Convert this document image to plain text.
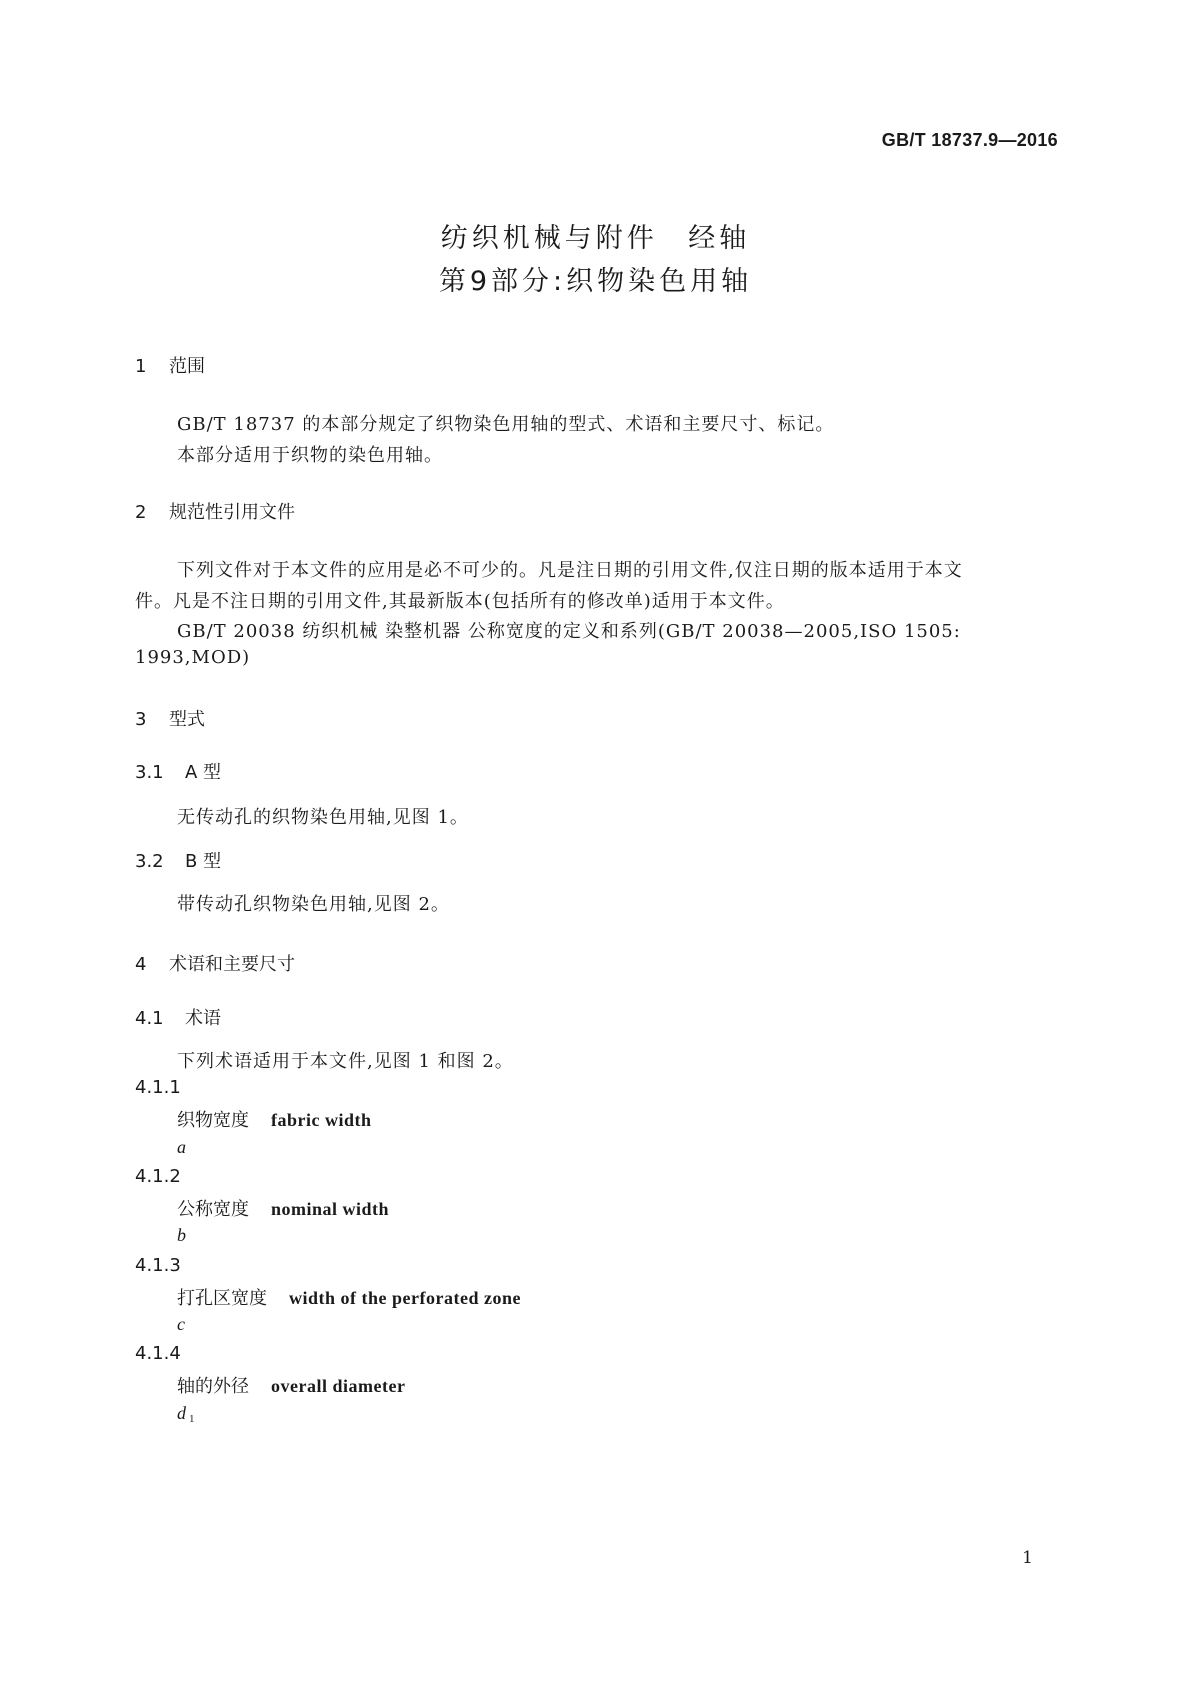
GB/T 18737.9—2016
纺织机械与附件 经轴
第9部分:织物染色用轴
1 范围
GB/T 18737 的本部分规定了织物染色用轴的型式、术语和主要尺寸、标记。
本部分适用于织物的染色用轴。
2 规范性引用文件
下列文件对于本文件的应用是必不可少的。凡是注日期的引用文件,仅注日期的版本适用于本文
件。凡是不注日期的引用文件,其最新版本(包括所有的修改单)适用于本文件。
GB/T 20038 纺织机械 染整机器 公称宽度的定义和系列(GB/T 20038—2005,ISO 1505:
1993,MOD)
3 型式
3.1 A 型
无传动孔的织物染色用轴,见图 1。
3.2 B 型
带传动孔织物染色用轴,见图 2。
4 术语和主要尺寸
4.1 术语
下列术语适用于本文件,见图 1 和图 2。
4.1.1
织物宽度 fabric width
a
4.1.2
公称宽度 nominal width
b
4.1.3
打孔区宽度 width of the perforated zone
c
4.1.4
轴的外径 overall diameter
d $_1$
1
